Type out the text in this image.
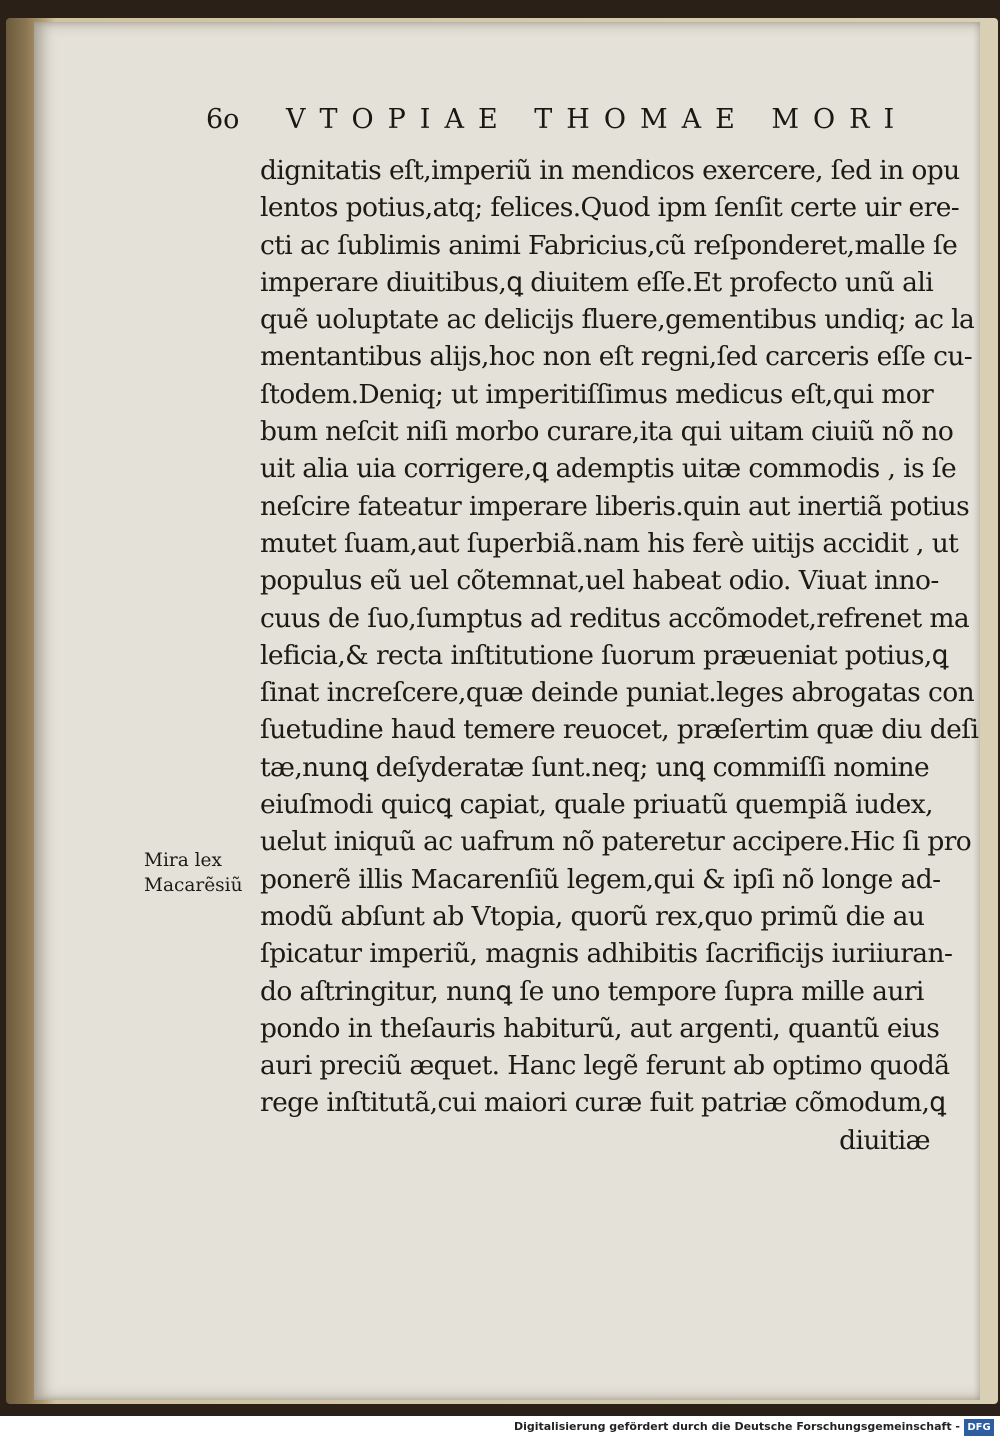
6o VTOPIAE THOMAE MORI
Mira lex
Macarẽsiũ
dignitatis eſt,imperiũ in mendicos exercere, ſed in opu
lentos potius,atq; felices.Quod ipm ſenſit certe uir ere-
cti ac ſublimis animi Fabricius,cũ reſponderet,malle ſe
imperare diuitibus,ꝗ diuitem eſſe.Et profecto unũ ali
quẽ uoluptate ac delicijs fluere,gementibus undiq; ac la
mentantibus alijs,hoc non eſt regni,ſed carceris eſſe cu-
ſtodem.Deniq; ut imperitiſſimus medicus eſt,qui mor
bum neſcit niſi morbo curare,ita qui uitam ciuiũ nõ no
uit alia uia corrigere,ꝗ ademptis uitæ commodis , is ſe
neſcire fateatur imperare liberis.quin aut inertiã potius
mutet ſuam,aut ſuperbiã.nam his ferè uitijs accidit , ut
populus eũ uel cõtemnat,uel habeat odio. Viuat inno-
cuus de ſuo,ſumptus ad reditus accõmodet,refrenet ma
leficia,& recta inſtitutione ſuorum præueniat potius,ꝗ
ſinat increſcere,quæ deinde puniat.leges abrogatas con
ſuetudine haud temere reuocet, præſertim quæ diu deſi
tæ,nunꝗ deſyderatæ ſunt.neq; unꝗ commiſſi nomine
eiuſmodi quicꝗ capiat, quale priuatũ quempiã iudex,
uelut iniquũ ac uafrum nõ pateretur accipere.Hic ſi pro
ponerẽ illis Macarenſiũ legem,qui & ipſi nõ longe ad-
modũ abſunt ab Vtopia, quorũ rex,quo primũ die au
ſpicatur imperiũ, magnis adhibitis ſacrificijs iuriiuran-
do aſtringitur, nunꝗ ſe uno tempore ſupra mille auri
pondo in theſauris habiturũ, aut argenti, quantũ eius
auri preciũ æquet. Hanc legẽ ferunt ab optimo quodã
rege inſtitutã,cui maiori curæ fuit patriæ cõmodum,ꝗ
diuitiæ
Digitalisierung gefördert durch die Deutsche Forschungsgemeinschaft - DFG
